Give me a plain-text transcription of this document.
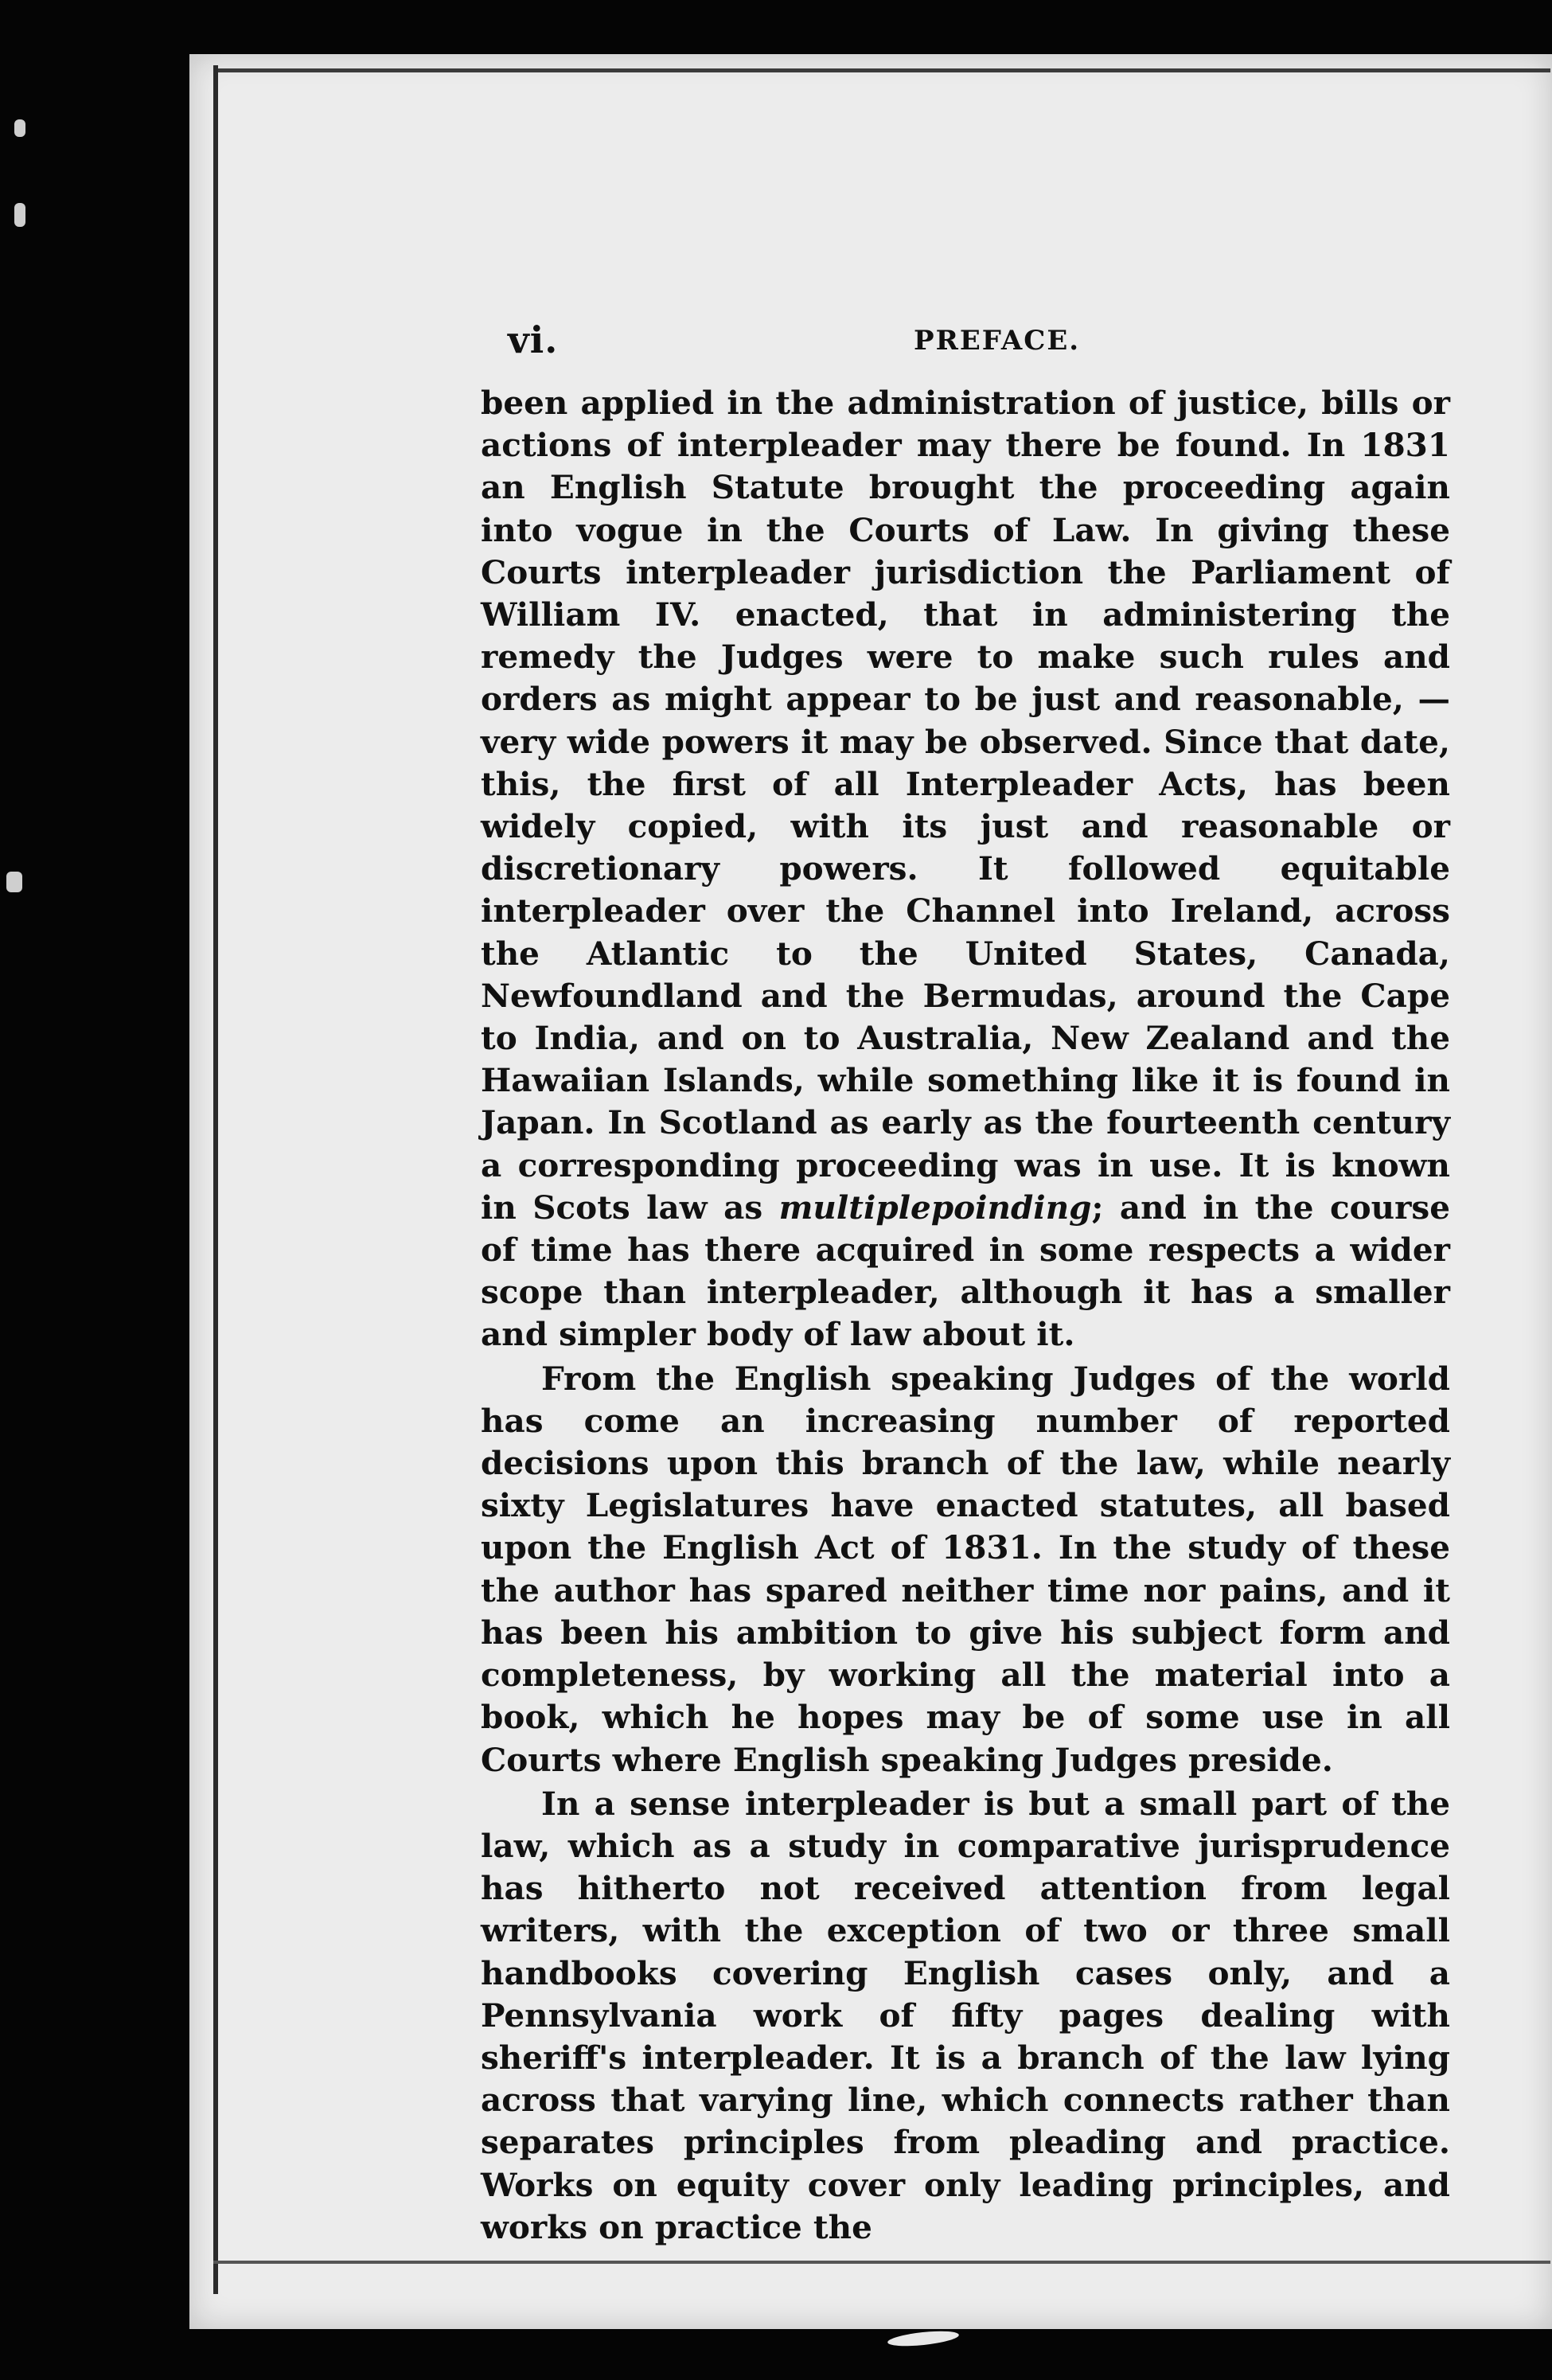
vi.	PREFACE.

been applied in the administration of justice, bills or actions of interpleader may there be found. In 1831 an English Statute brought the proceeding again into vogue in the Courts of Law. In giving these Courts interpleader jurisdiction the Parliament of William IV. enacted, that in administering the remedy the Judges were to make such rules and orders as might appear to be just and reasonable, —very wide powers it may be observed. Since that date, this, the first of all Interpleader Acts, has been widely copied, with its just and reasonable or discretionary powers. It followed equitable interpleader over the Channel into Ireland, across the Atlantic to the United States, Canada, Newfoundland and the Bermudas, around the Cape to India, and on to Australia, New Zealand and the Hawaiian Islands, while something like it is found in Japan. In Scotland as early as the fourteenth century a corresponding proceeding was in use. It is known in Scots law as multiplepoinding; and in the course of time has there acquired in some respects a wider scope than interpleader, although it has a smaller and simpler body of law about it.

From the English speaking Judges of the world has come an increasing number of reported decisions upon this branch of the law, while nearly sixty Legislatures have enacted statutes, all based upon the English Act of 1831. In the study of these the author has spared neither time nor pains, and it has been his ambition to give his subject form and completeness, by working all the material into a book, which he hopes may be of some use in all Courts where English speaking Judges preside.

In a sense interpleader is but a small part of the law, which as a study in comparative jurisprudence has hitherto not received attention from legal writers, with the exception of two or three small handbooks covering English cases only, and a Pennsylvania work of fifty pages dealing with sheriff's interpleader. It is a branch of the law lying across that varying line, which connects rather than separates principles from pleading and practice. Works on equity cover only leading principles, and works on practice the
